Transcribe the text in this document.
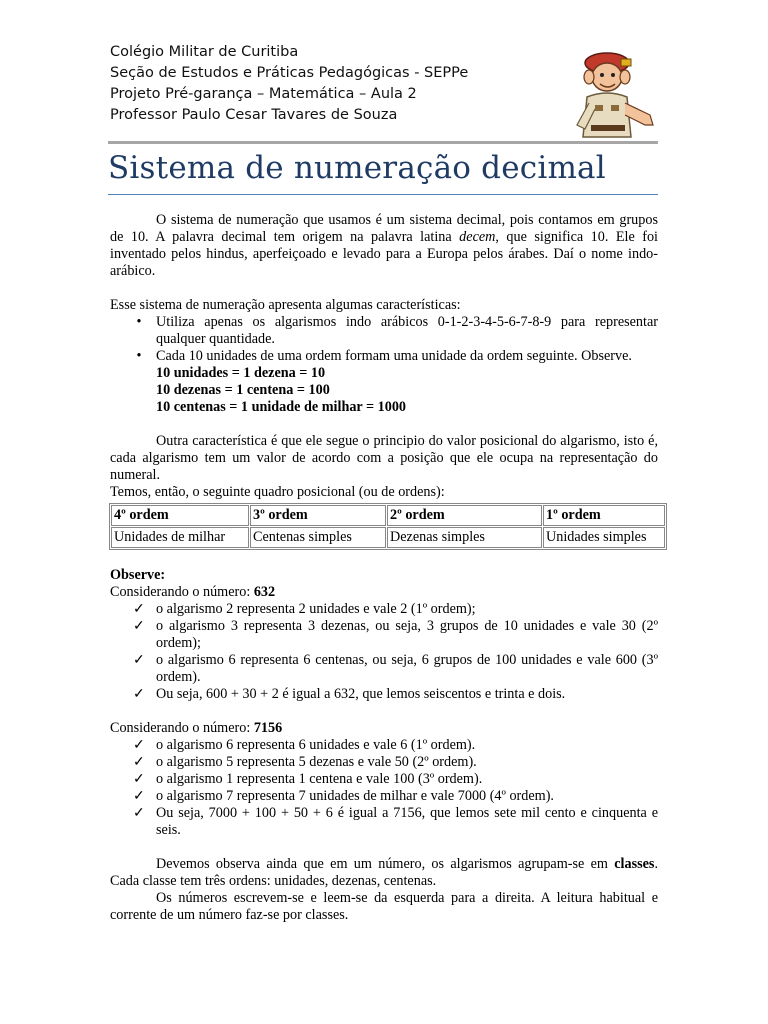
Colégio Militar de Curitiba
Seção de Estudos e Práticas Pedagógicas - SEPPe
Projeto Pré-garança – Matemática – Aula 2
Professor Paulo Cesar Tavares de Souza
Sistema de numeração decimal

O sistema de numeração que usamos é um sistema decimal, pois contamos em grupos de 10. A palavra decimal tem origem na palavra latina decem, que significa 10. Ele foi inventado pelos hindus, aperfeiçoado e levado para a Europa pelos árabes. Daí o nome indo-arábico.

Esse sistema de numeração apresenta algumas características:

•	Utiliza apenas os algarismos indo arábicos 0-1-2-3-4-5-6-7-8-9 para representar qualquer quantidade.
•	Cada 10 unidades de uma ordem formam uma unidade da ordem seguinte. Observe.
10 unidades = 1 dezena = 10
10 dezenas = 1 centena = 100
10 centenas = 1 unidade de milhar = 1000

Outra característica é que ele segue o principio do valor posicional do algarismo, isto é, cada algarismo tem um valor de acordo com a posição que ele ocupa na representação do numeral.

Temos, então, o seguinte quadro posicional (ou de ordens):

4º ordem	3º ordem	2º ordem	1º ordem
Unidades de milhar	Centenas simples	Dezenas simples	Unidades simples

Observe:

Considerando o número: 632

✓ o algarismo 2 representa 2 unidades e vale 2 (1º ordem);
✓ o algarismo 3 representa 3 dezenas, ou seja, 3 grupos de 10 unidades e vale 30 (2º ordem);
✓ o algarismo 6 representa 6 centenas, ou seja, 6 grupos de 100 unidades e vale 600 (3º ordem).
✓ Ou seja, 600 + 30 + 2 é igual a 632, que lemos seiscentos e trinta e dois.

Considerando o número: 7156

✓ o algarismo 6 representa 6 unidades e vale 6 (1º ordem).
✓ o algarismo 5 representa 5 dezenas e vale 50 (2º ordem).
✓ o algarismo 1 representa 1 centena e vale 100 (3º ordem).
✓ o algarismo 7 representa 7 unidades de milhar e vale 7000 (4º ordem).
✓ Ou seja, 7000 + 100 + 50 + 6 é igual a 7156, que lemos sete mil cento e cinquenta e seis.

Devemos observa ainda que em um número, os algarismos agrupam-se em classes. Cada classe tem três ordens: unidades, dezenas, centenas.

Os números escrevem-se e leem-se da esquerda para a direita. A leitura habitual e corrente de um número faz-se por classes.
